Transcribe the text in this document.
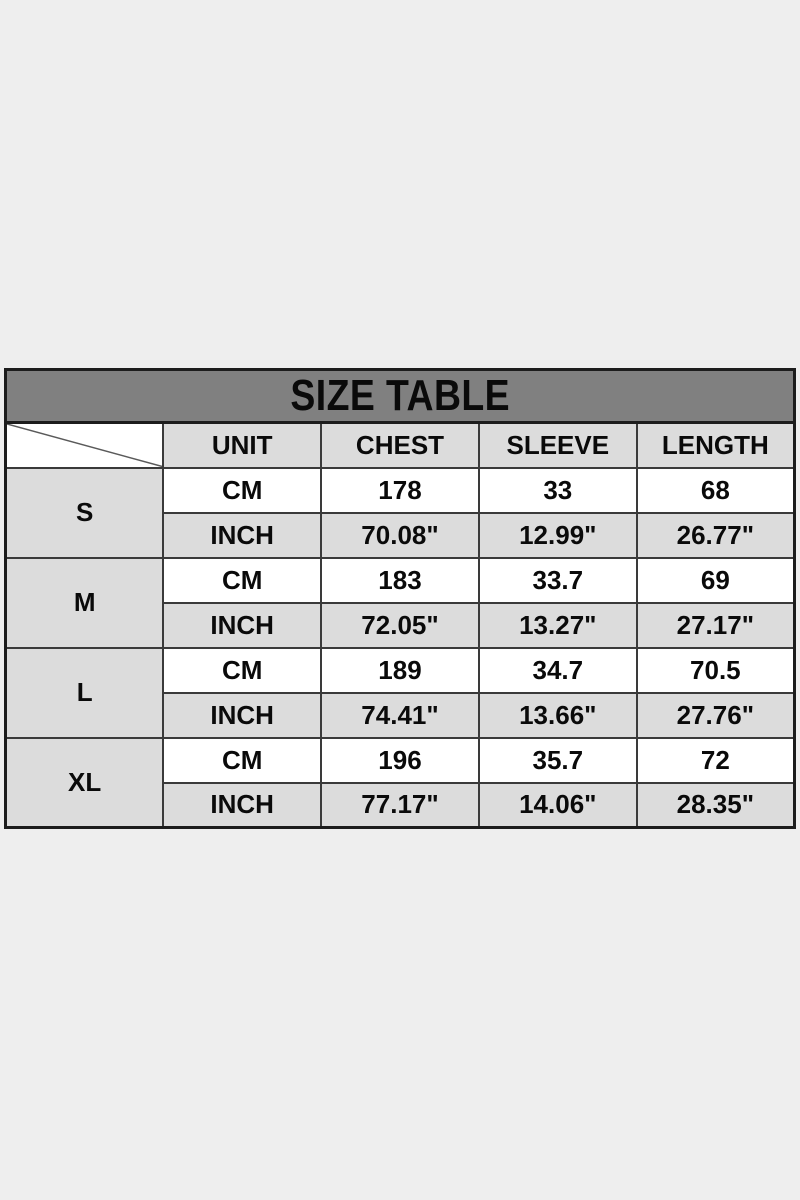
SIZE TABLE
	UNIT	CHEST	SLEEVE	LENGTH
S	CM	178	33	68
	INCH	70.08"	12.99"	26.77"
M	CM	183	33.7	69
	INCH	72.05"	13.27"	27.17"
L	CM	189	34.7	70.5
	INCH	74.41"	13.66"	27.76"
XL	CM	196	35.7	72
	INCH	77.17"	14.06"	28.35"
